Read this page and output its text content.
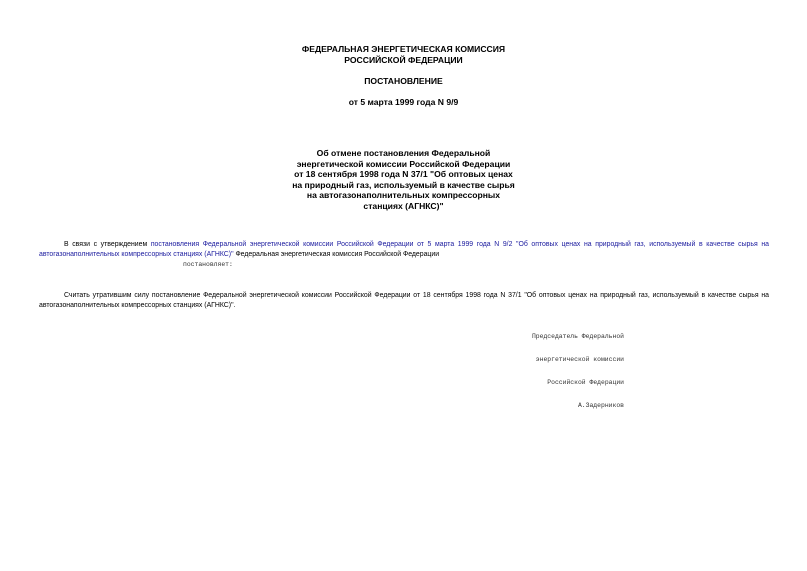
ФЕДЕРАЛЬНАЯ ЭНЕРГЕТИЧЕСКАЯ КОМИССИЯ
РОССИЙСКОЙ ФЕДЕРАЦИИ
ПОСТАНОВЛЕНИЕ
от 5 марта 1999 года N 9/9
Об отмене постановления Федеральной
энергетической комиссии Российской Федерации
от 18 сентября 1998 года N 37/1 "Об оптовых ценах
на природный газ, используемый в качестве сырья
на автогазонаполнительных компрессорных
станциях (АГНКС)"
В связи с утверждением постановления Федеральной энергетической комиссии Российской Федерации от 5 марта 1999 года N 9/2 "Об оптовых ценах на природный газ, используемый в качестве сырья на автогазонаполнительных компрессорных станциях (АГНКС)" Федеральная энергетическая комиссия Российской Федерации
постановляет:
Считать утратившим силу постановление Федеральной энергетической комиссии Российской Федерации от 18 сентября 1998 года N 37/1 "Об оптовых ценах на природный газ, используемый в качестве сырья на автогазонаполнительных компрессорных станциях (АГНКС)".

Председатель Федеральной

энергетической комиссии

Российской Федерации

А.Задерников
